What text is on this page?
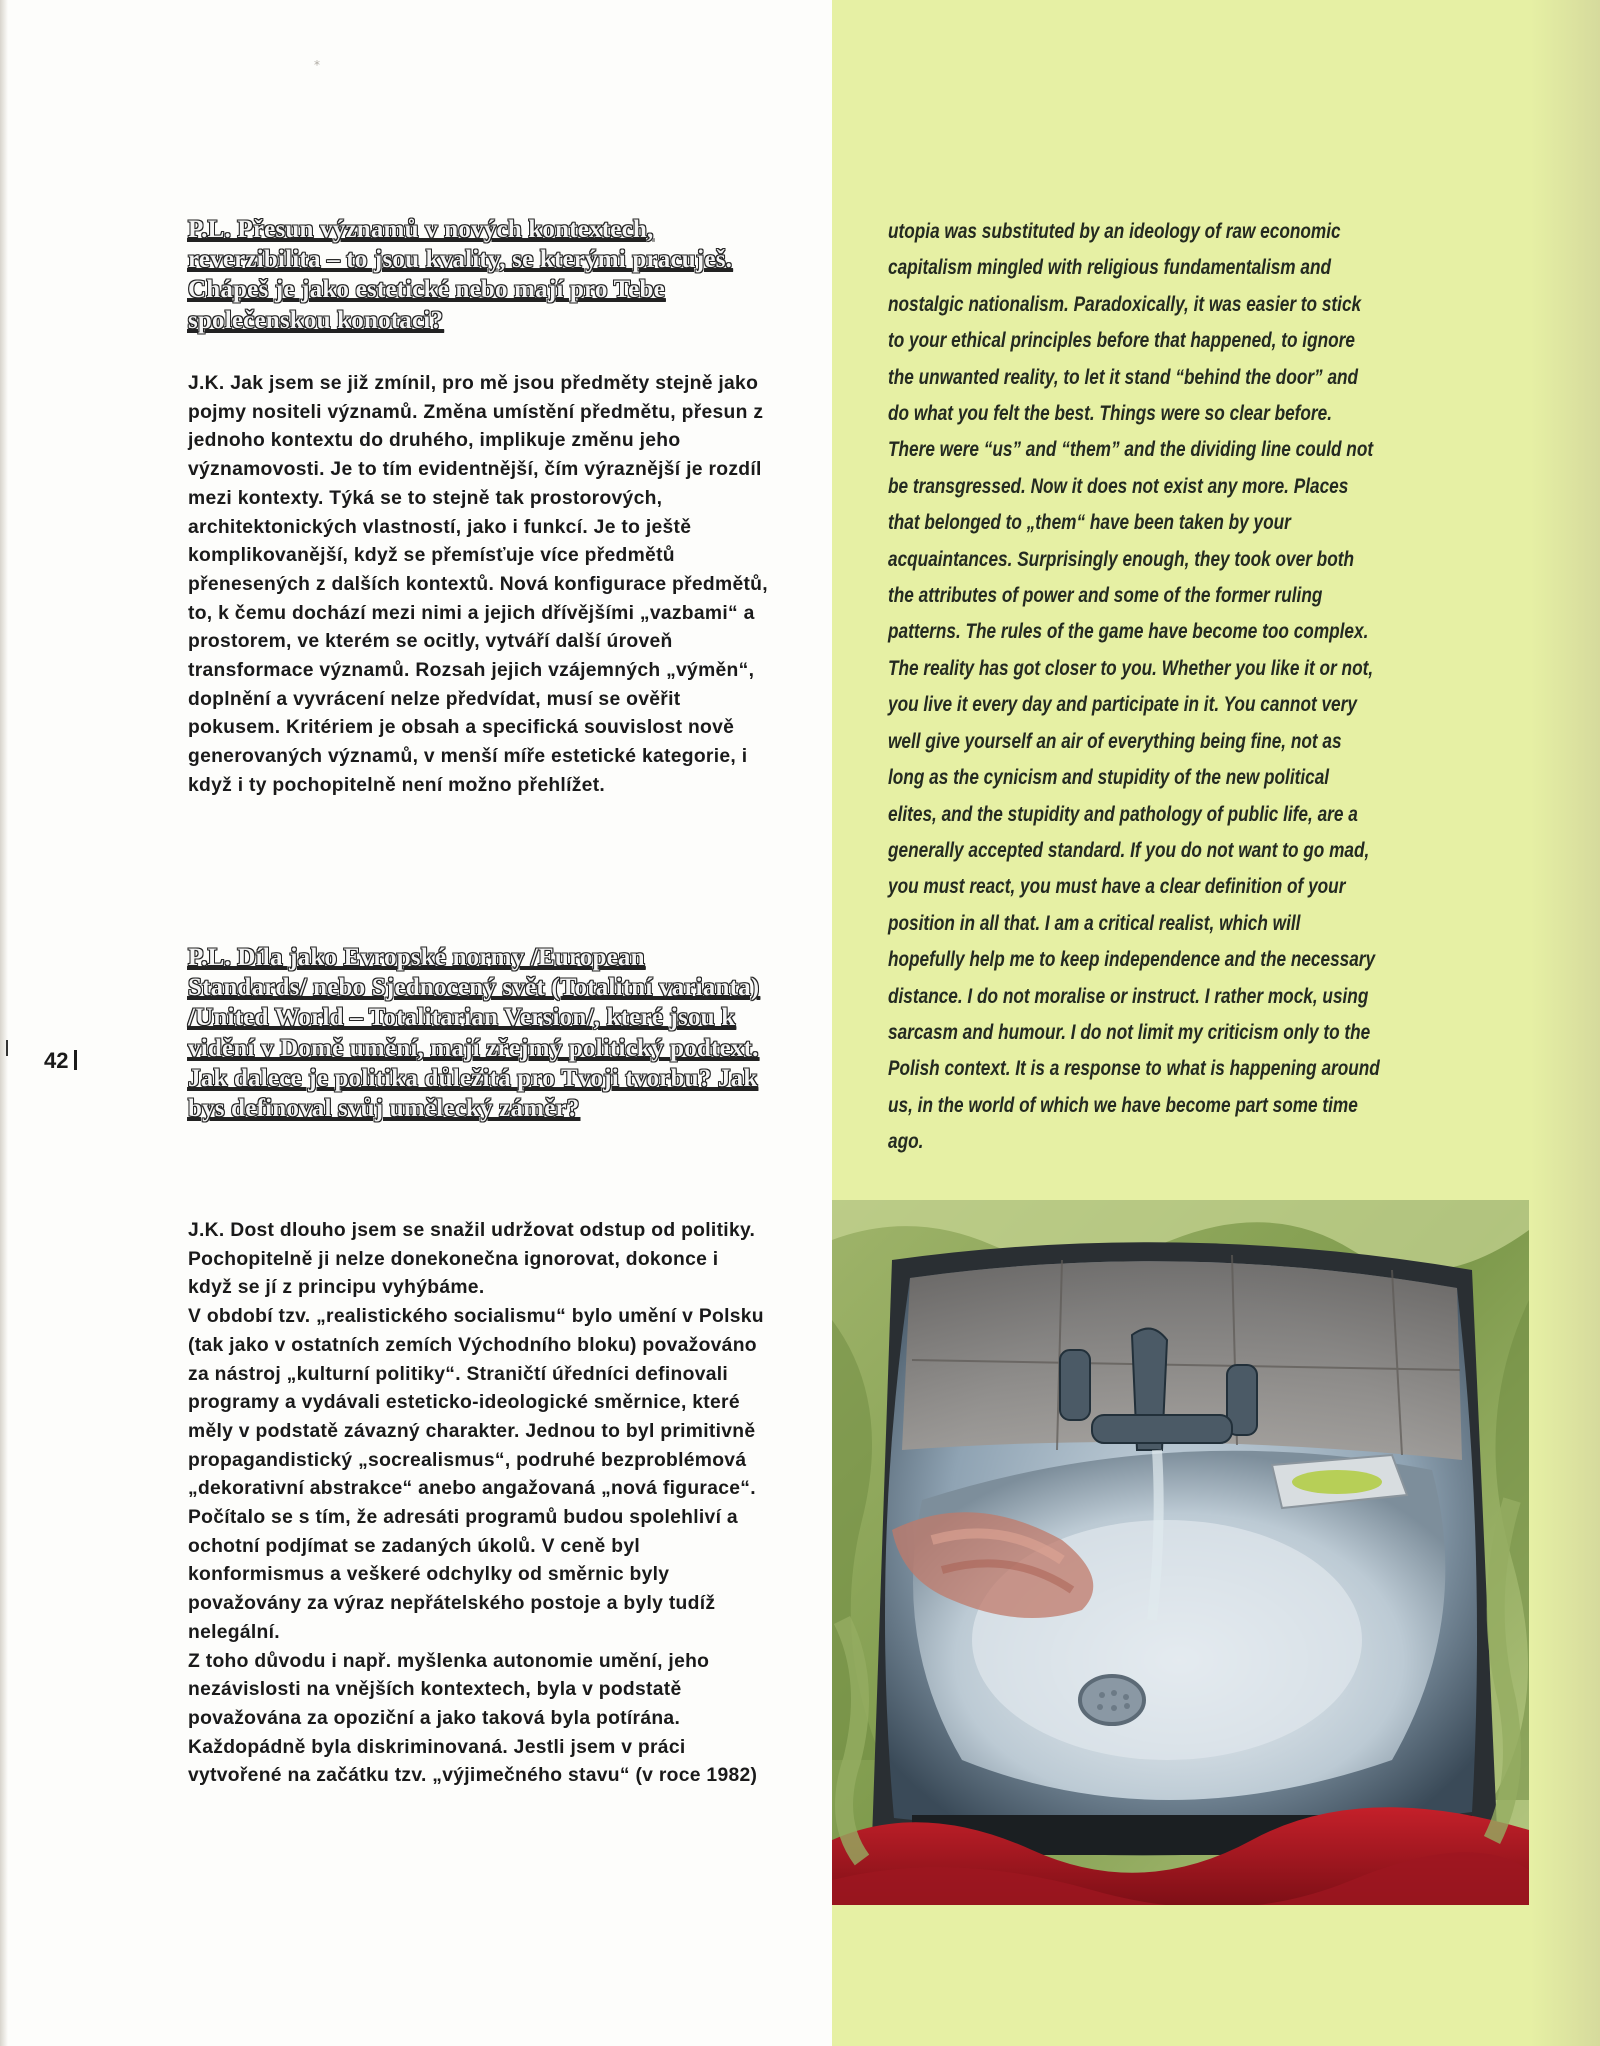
*
P.L. Přesun významů v nových kontextech, reverzibilita – to jsou kvality, se kterými pracuješ. Chápeš je jako estetické nebo mají pro Tebe společenskou konotaci?
J.K. Jak jsem se již zmínil, pro mě jsou předměty stejně jako pojmy nositeli významů. Změna umístění předmětu, přesun z jednoho kontextu do druhého, implikuje změnu jeho významovosti. Je to tím evidentnější, čím výraznější je rozdíl mezi kontexty. Týká se to stejně tak prostorových, architektonických vlastností, jako i funkcí. Je to ještě komplikovanější, když se přemísťuje více předmětů přenesených z dalších kontextů. Nová konfigurace předmětů, to, k čemu dochází mezi nimi a jejich dřívějšími „vazbami“ a prostorem, ve kterém se ocitly, vytváří další úroveň transformace významů. Rozsah jejich vzájemných „výměn“, doplnění a vyvrácení nelze předvídat, musí se ověřit pokusem. Kritériem je obsah a specifická souvislost nově generovaných významů, v menší míře estetické kategorie, i když i ty pochopitelně není možno přehlížet.
P.L. Díla jako Evropské normy /European Standards/ nebo Sjednocený svět (Totalitní varianta) /United World – Totalitarian Version/, které jsou k vidění v Domě umění, mají zřejmý politický podtext. Jak dalece je politika důležitá pro Tvoji tvorbu? Jak bys definoval svůj umělecký záměr?
J.K. Dost dlouho jsem se snažil udržovat odstup od politiky. Pochopitelně ji nelze donekonečna ignorovat, dokonce i když se jí z principu vyhýbáme.
V období tzv. „realistického socialismu“ bylo umění v Polsku (tak jako v ostatních zemích Východního bloku) považováno za nástroj „kulturní politiky“. Straničtí úředníci definovali programy a vydávali esteticko-ideologické směrnice, které měly v podstatě závazný charakter. Jednou to byl primitivně propagandistický „socrealismus“, podruhé bezproblémová „dekorativní abstrakce“ anebo angažovaná „nová figurace“. Počítalo se s tím, že adresáti programů budou spolehliví a ochotní podjímat se zadaných úkolů. V ceně byl konformismus a veškeré odchylky od směrnic byly považovány za výraz nepřátelského postoje a byly tudíž nelegální.
Z toho důvodu i např. myšlenka autonomie umění, jeho nezávislosti na vnějších kontextech, byla v podstatě považována za opoziční a jako taková byla potírána. Každopádně byla diskriminovaná. Jestli jsem v práci vytvořené na začátku tzv. „výjimečného stavu“ (v roce 1982)
42
utopia was substituted by an ideology of raw economic capitalism mingled with religious fundamentalism and nostalgic nationalism. Paradoxically, it was easier to stick to your ethical principles before that happened, to ignore the unwanted reality, to let it stand “behind the door” and do what you felt the best. Things were so clear before. There were “us” and “them” and the dividing line could not be transgressed. Now it does not exist any more. Places that belonged to „them“ have been taken by your acquaintances. Surprisingly enough, they took over both the attributes of power and some of the former ruling patterns. The rules of the game have become too complex. The reality has got closer to you. Whether you like it or not, you live it every day and participate in it. You cannot very well give yourself an air of everything being fine, not as long as the cynicism and stupidity of the new political elites, and the stupidity and pathology of public life, are a generally accepted standard. If you do not want to go mad, you must react, you must have a clear definition of your position in all that. I am a critical realist, which will hopefully help me to keep independence and the necessary distance. I do not moralise or instruct. I rather mock, using sarcasm and humour. I do not limit my criticism only to the Polish context. It is a response to what is happening around us, in the world of which we have become part some time ago.
